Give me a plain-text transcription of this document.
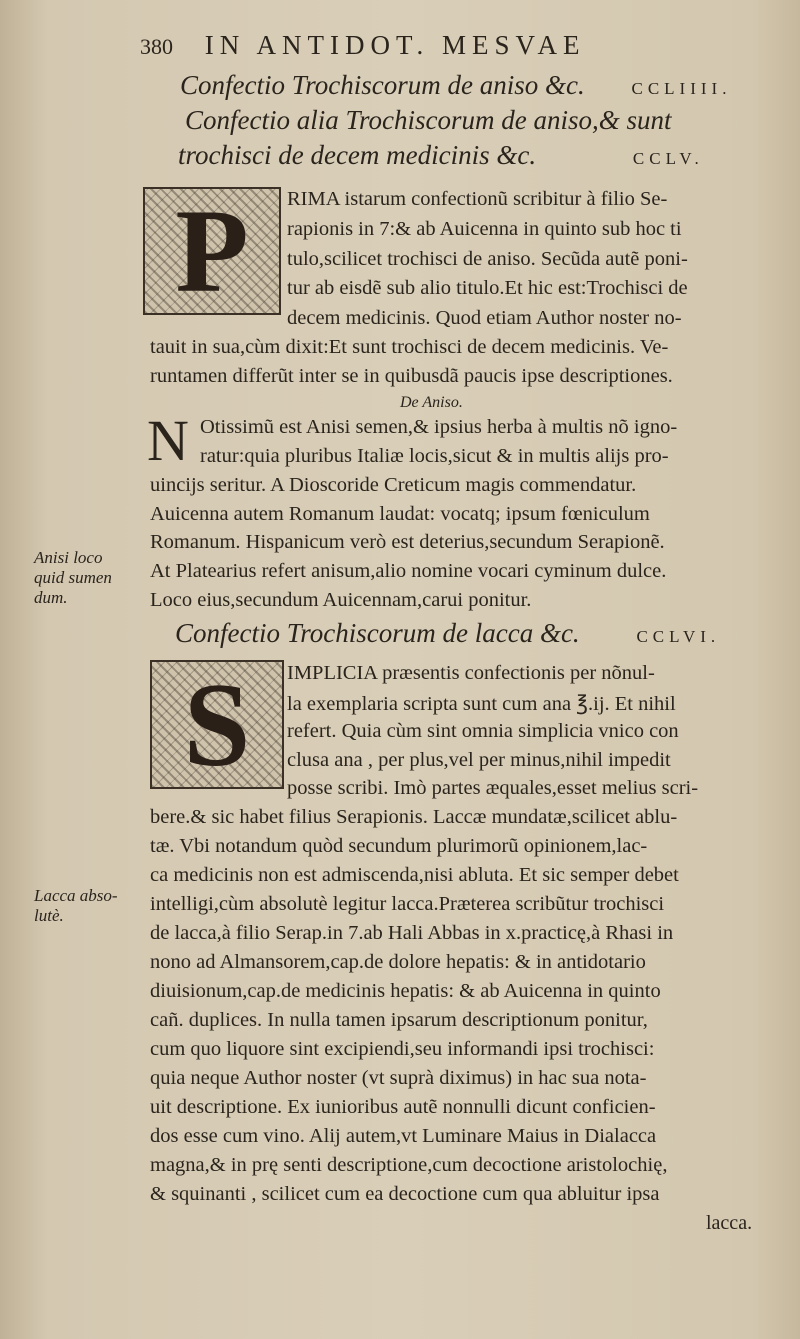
380 IN ANTIDOT. MESVAE
Confectio Trochiscorum de aniso &c.	CCLIIII.
Confectio alia Trochiscorum de aniso,& sunt
trochisci de decem medicinis &c.	CCLV.
P	RIMA istarum confectionũ scribitur à filio Se-
rapionis in 7:& ab Auicenna in quinto sub hoc ti
tulo,scilicet trochisci de aniso. Secũda autẽ poni-
tur ab eisdẽ sub alio titulo.Et hic est:Trochisci de
decem medicinis. Quod etiam Author noster no-
tauit in sua,cùm dixit:Et sunt trochisci de decem medicinis. Ve-
runtamen differũt inter se in quibusdã paucis ipse descriptiones.
De Aniso.
N Otissimũ est Anisi semen,& ipsius herba à multis nõ igno-
ratur:quia pluribus Italiæ locis,sicut & in multis alijs pro-
uincijs seritur. A Dioscoride Creticum magis commendatur.
Auicenna autem Romanum laudat: vocatq; ipsum fœniculum
Romanum. Hispanicum verò est deterius,secundum Serapionẽ.
At Platearius refert anisum,alio nomine vocari cyminum dulce.
Loco eius,secundum Auicennam,carui ponitur.
Anisi loco
quid sumen
dum.
Confectio Trochiscorum de lacca &c.	CCLVI.
S	IMPLICIA præsentis confectionis per nõnul-
la exemplaria scripta sunt cum ana ℥.ij. Et nihil
refert. Quia cùm sint omnia simplicia vnico con
clusa ana , per plus,vel per minus,nihil impedit
posse scribi. Imò partes æquales,esset melius scri-
bere.& sic habet filius Serapionis. Laccæ mundatæ,scilicet ablu-
tæ. Vbi notandum quòd secundum plurimorũ opinionem,lac-
ca medicinis non est admiscenda,nisi abluta. Et sic semper debet
intelligi,cùm absolutè legitur lacca.Præterea scribũtur trochisci
de lacca,à filio Serap.in 7.ab Hali Abbas in x.practicę,à Rhasi in
nono ad Almansorem,cap.de dolore hepatis: & in antidotario
diuisionum,cap.de medicinis hepatis: & ab Auicenna in quinto
cañ. duplices. In nulla tamen ipsarum descriptionum ponitur,
cum quo liquore sint excipiendi,seu informandi ipsi trochisci:
quia neque Author noster (vt suprà diximus) in hac sua nota-
uit descriptione. Ex iunioribus autẽ nonnulli dicunt conficien-
dos esse cum vino. Alij autem,vt Luminare Maius in Dialacca
magna,& in prę senti descriptione,cum decoctione aristolochię,
& squinanti , scilicet cum ea decoctione cum qua abluitur ipsa
lacca.
Lacca abso-
lutè.
